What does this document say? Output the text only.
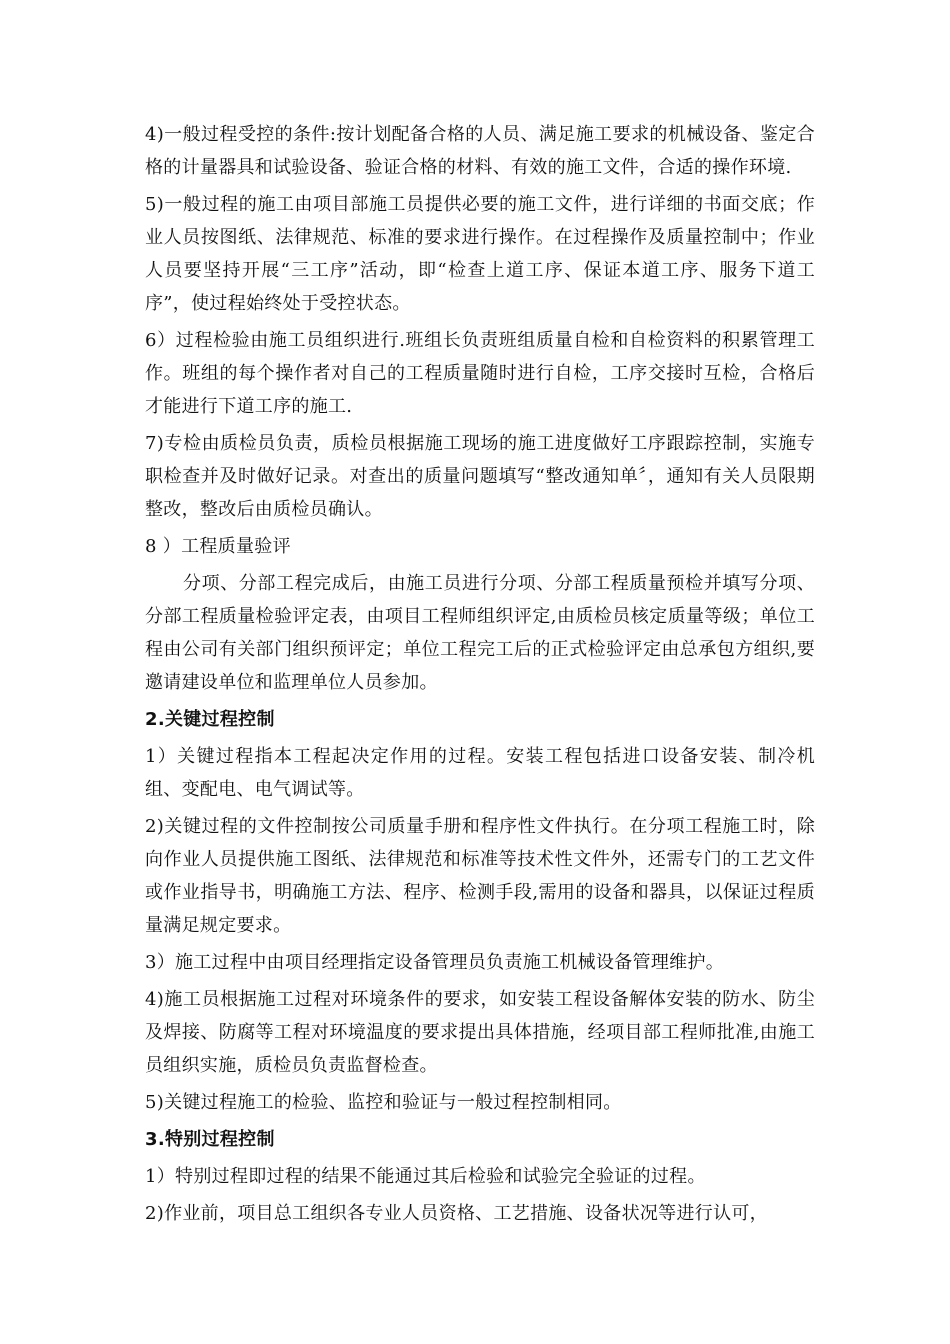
4)一般过程受控的条件:按计划配备合格的人员、满足施工要求的机械设备、鉴定合格的计量器具和试验设备、验证合格的材料、有效的施工文件，合适的操作环境.

5)一般过程的施工由项目部施工员提供必要的施工文件，进行详细的书面交底；作业人员按图纸、法律规范、标准的要求进行操作。在过程操作及质量控制中；作业人员要坚持开展“三工序”活动，即“检查上道工序、保证本道工序、服务下道工序”，使过程始终处于受控状态。

6）过程检验由施工员组织进行.班组长负责班组质量自检和自检资料的积累管理工作。班组的每个操作者对自己的工程质量随时进行自检，工序交接时互检，合格后才能进行下道工序的施工.

7)专检由质检员负责，质检员根据施工现场的施工进度做好工序跟踪控制，实施专职检查并及时做好记录。对查出的质量问题填写“整改通知单〞，通知有关人员限期整改，整改后由质检员确认。

8 ）工程质量验评

分项、分部工程完成后，由施工员进行分项、分部工程质量预检并填写分项、分部工程质量检验评定表，由项目工程师组织评定,由质检员核定质量等级；单位工程由公司有关部门组织预评定；单位工程完工后的正式检验评定由总承包方组织,要邀请建设单位和监理单位人员参加。

2.关键过程控制

1）关键过程指本工程起决定作用的过程。安装工程包括进口设备安装、制冷机组、变配电、电气调试等。

2)关键过程的文件控制按公司质量手册和程序性文件执行。在分项工程施工时，除向作业人员提供施工图纸、法律规范和标准等技术性文件外，还需专门的工艺文件或作业指导书，明确施工方法、程序、检测手段,需用的设备和器具，以保证过程质量满足规定要求。

3）施工过程中由项目经理指定设备管理员负责施工机械设备管理维护。

4)施工员根据施工过程对环境条件的要求，如安装工程设备解体安装的防水、防尘及焊接、防腐等工程对环境温度的要求提出具体措施，经项目部工程师批准,由施工员组织实施，质检员负责监督检查。

5)关键过程施工的检验、监控和验证与一般过程控制相同。

3.特别过程控制

1）特别过程即过程的结果不能通过其后检验和试验完全验证的过程。

2)作业前，项目总工组织各专业人员资格、工艺措施、设备状况等进行认可，
